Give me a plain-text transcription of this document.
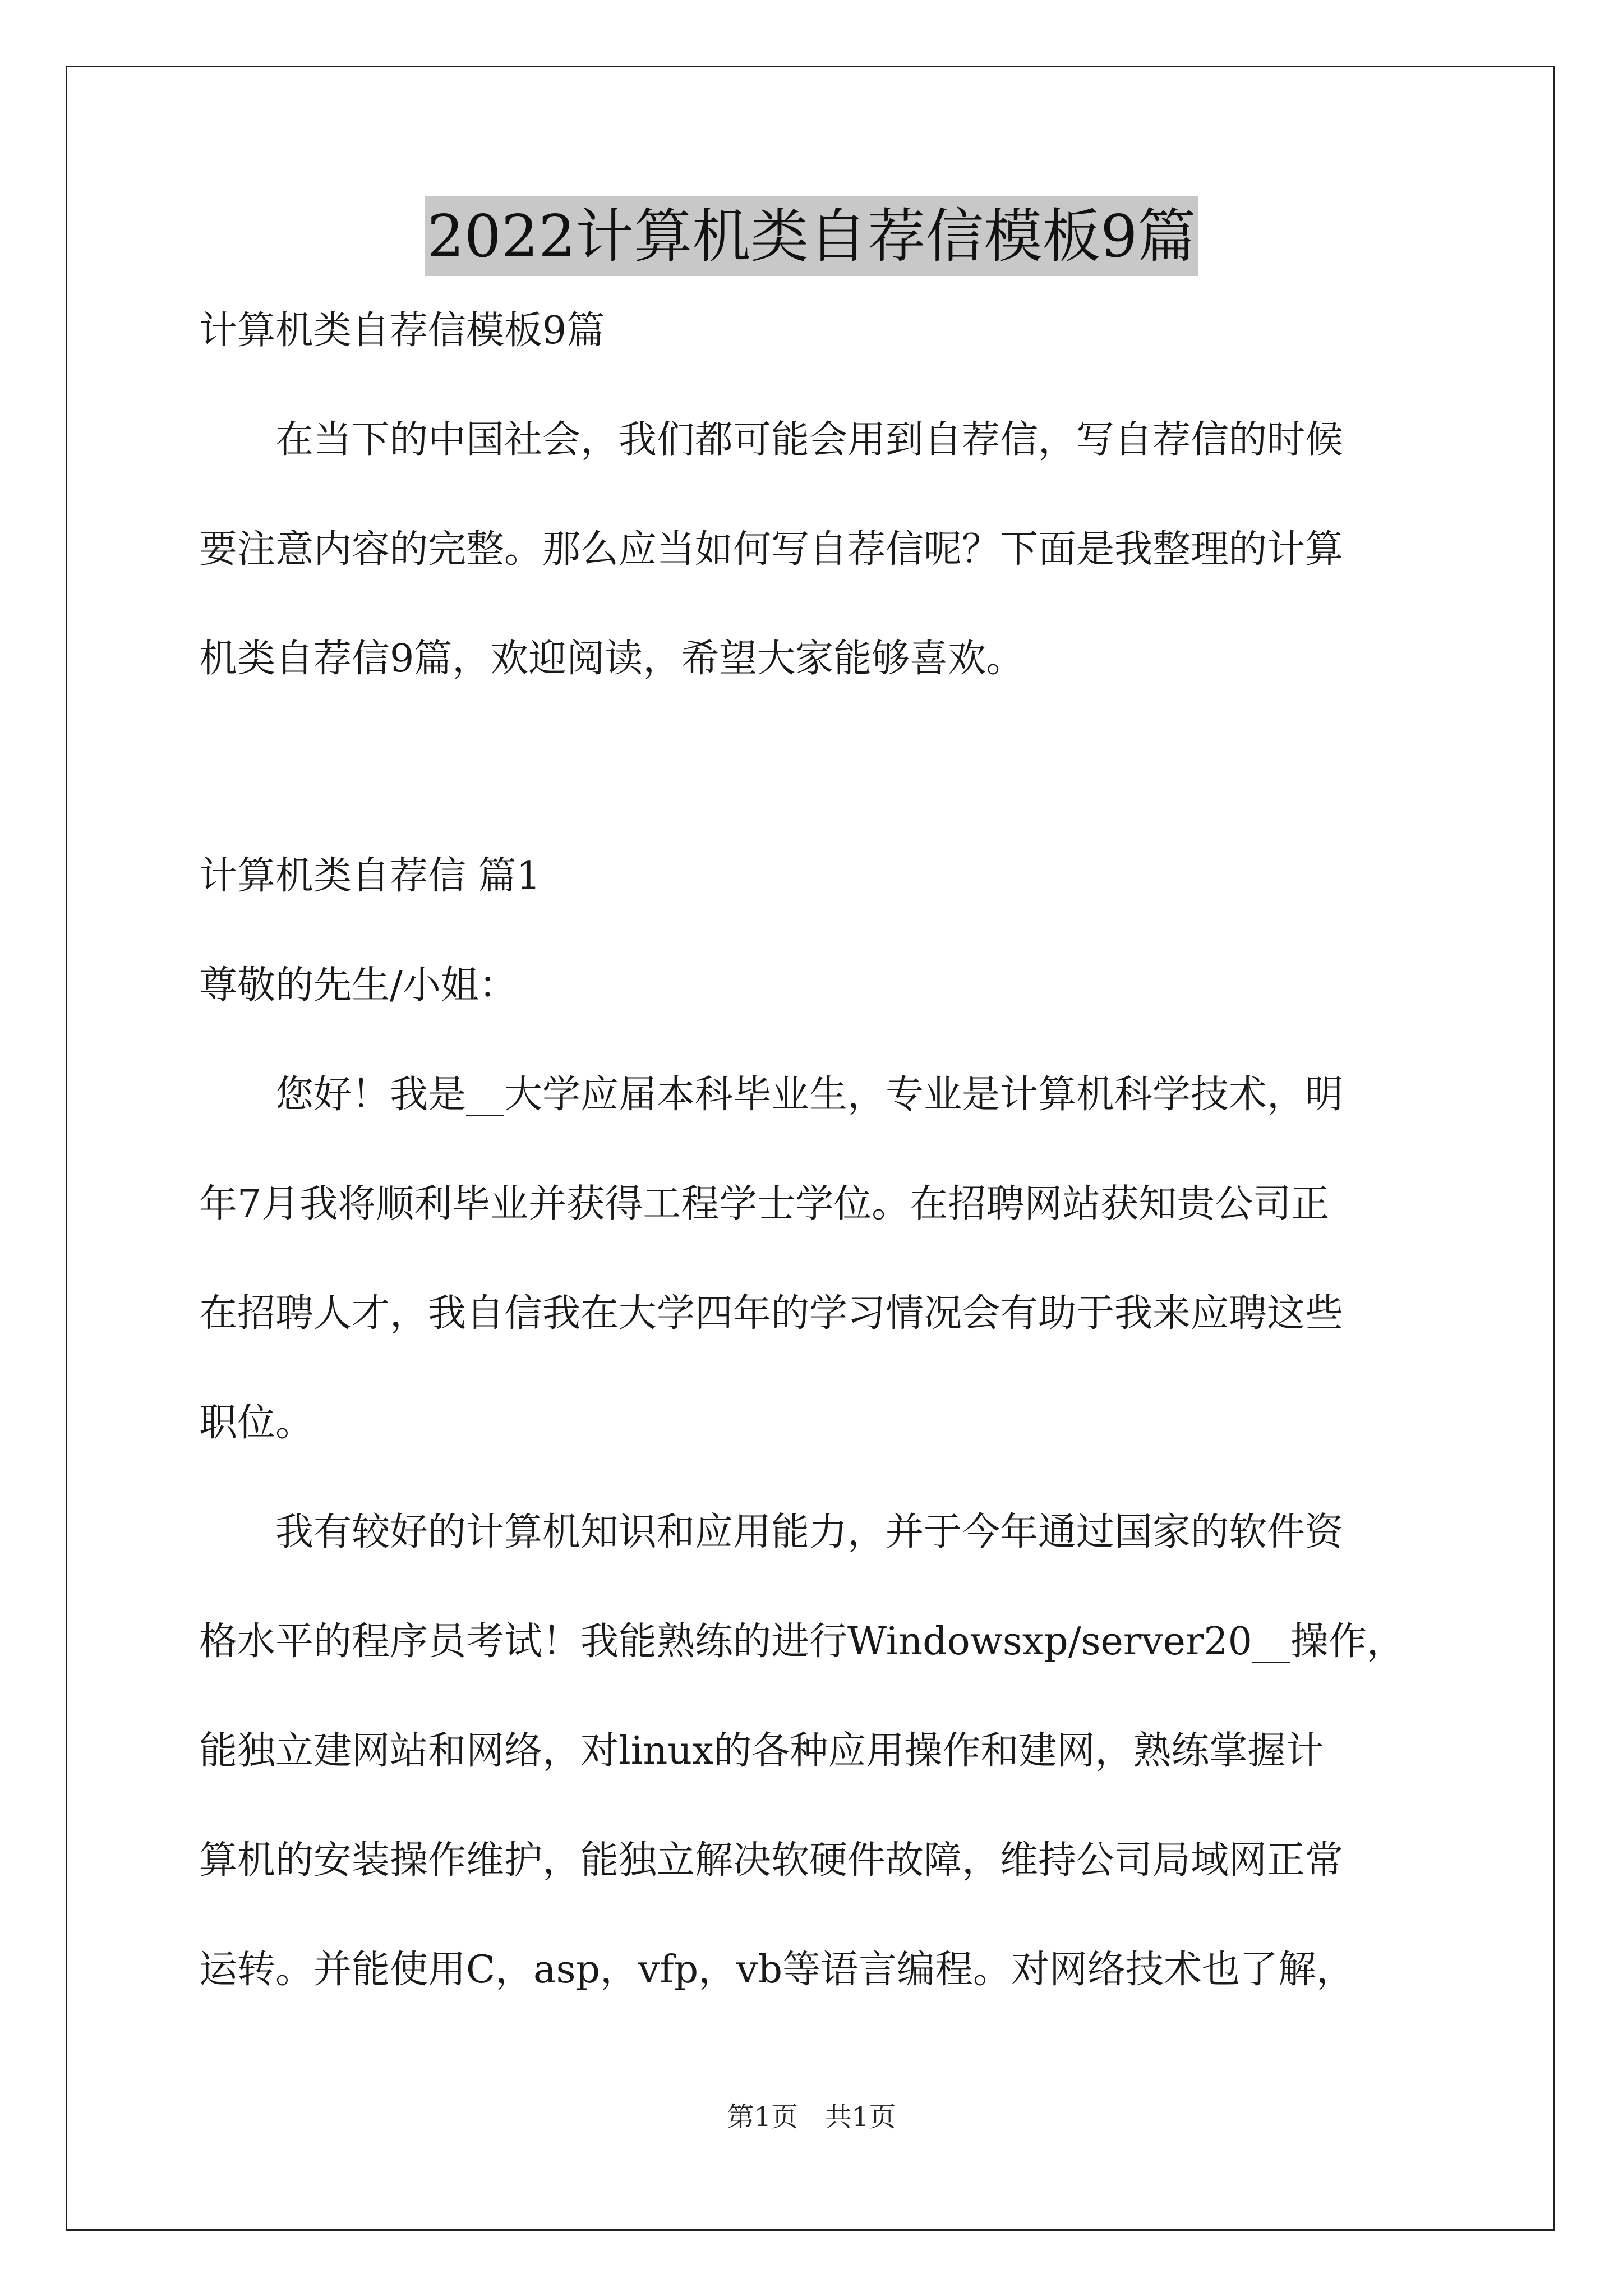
2022计算机类自荐信模板9篇
计算机类自荐信模板9篇
　　在当下的中国社会，我们都可能会用到自荐信，写自荐信的时候
要注意内容的完整。那么应当如何写自荐信呢？下面是我整理的计算
机类自荐信9篇，欢迎阅读，希望大家能够喜欢。
计算机类自荐信 篇1
尊敬的先生/小姐：
　　您好！我是__大学应届本科毕业生，专业是计算机科学技术，明
年7月我将顺利毕业并获得工程学士学位。在招聘网站获知贵公司正
在招聘人才，我自信我在大学四年的学习情况会有助于我来应聘这些
职位。
　　我有较好的计算机知识和应用能力，并于今年通过国家的软件资
格水平的程序员考试！我能熟练的进行Windowsxp/server20__操作，
能独立建网站和网络，对linux的各种应用操作和建网，熟练掌握计
算机的安装操作维护，能独立解决软硬件故障，维持公司局域网正常
运转。并能使用C，asp，vfp，vb等语言编程。对网络技术也了解，
第1页　共1页
